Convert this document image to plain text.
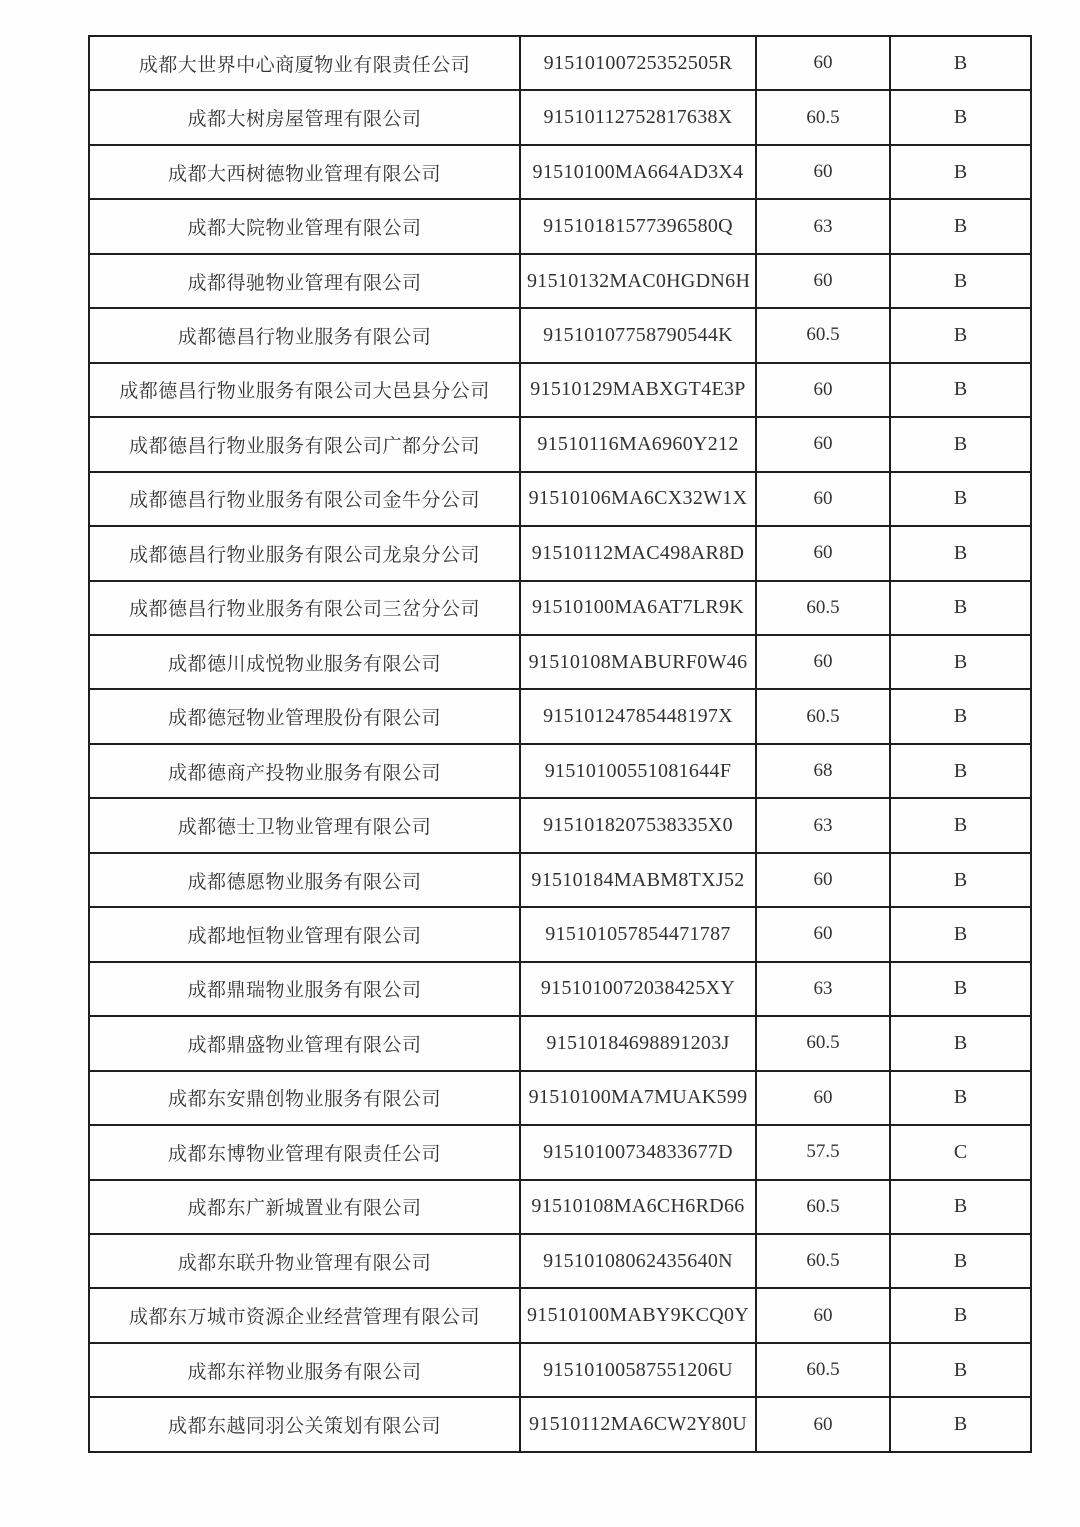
成都大世界中心商厦物业有限责任公司	91510100725352505R	60	B
成都大树房屋管理有限公司	91510112752817638X	60.5	B
成都大西树德物业管理有限公司	91510100MA664AD3X4	60	B
成都大院物业管理有限公司	91510181577396580Q	63	B
成都得驰物业管理有限公司	91510132MAC0HGDN6H	60	B
成都德昌行物业服务有限公司	91510107758790544K	60.5	B
成都德昌行物业服务有限公司大邑县分公司	91510129MABXGT4E3P	60	B
成都德昌行物业服务有限公司广都分公司	91510116MA6960Y212	60	B
成都德昌行物业服务有限公司金牛分公司	91510106MA6CX32W1X	60	B
成都德昌行物业服务有限公司龙泉分公司	91510112MAC498AR8D	60	B
成都德昌行物业服务有限公司三岔分公司	91510100MA6AT7LR9K	60.5	B
成都德川成悦物业服务有限公司	91510108MABURF0W46	60	B
成都德冠物业管理股份有限公司	91510124785448197X	60.5	B
成都德商产投物业服务有限公司	91510100551081644F	68	B
成都德士卫物业管理有限公司	9151018207538335X0	63	B
成都德愿物业服务有限公司	91510184MABM8TXJ52	60	B
成都地恒物业管理有限公司	915101057854471787	60	B
成都鼎瑞物业服务有限公司	9151010072038425XY	63	B
成都鼎盛物业管理有限公司	91510184698891203J	60.5	B
成都东安鼎创物业服务有限公司	91510100MA7MUAK599	60	B
成都东博物业管理有限责任公司	91510100734833677D	57.5	C
成都东广新城置业有限公司	91510108MA6CH6RD66	60.5	B
成都东联升物业管理有限公司	91510108062435640N	60.5	B
成都东万城市资源企业经营管理有限公司	91510100MABY9KCQ0Y	60	B
成都东祥物业服务有限公司	91510100587551206U	60.5	B
成都东越同羽公关策划有限公司	91510112MA6CW2Y80U	60	B
